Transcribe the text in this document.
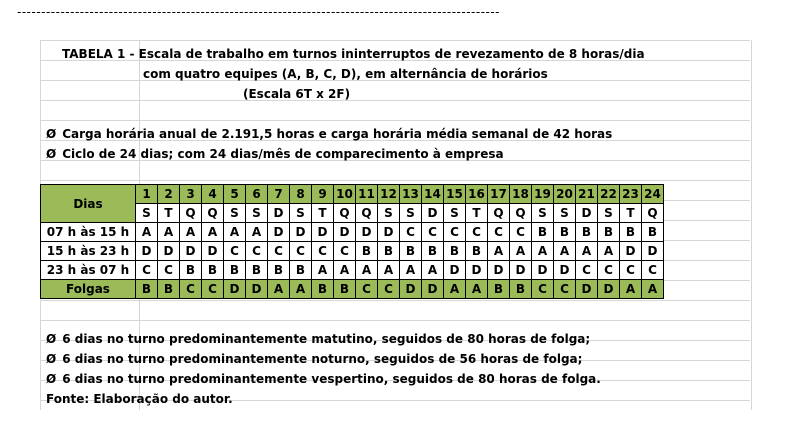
----------------------------------------------------------------------------------------------------
TABELA 1 - Escala de trabalho em turnos ininterruptos de revezamento de 8 horas/dia
com quatro equipes (A, B, C, D), em alternância de horários
(Escala 6T x 2F)
Ø Carga horária anual de 2.191,5 horas e carga horária média semanal de 42 horas
Ø Ciclo de 24 dias; com 24 dias/mês de comparecimento à empresa
Dias	1	2	3	4	5	6	7	8	9	10	11	12	13	14	15	16	17	18	19	20	21	22	23	24
	S	T	Q	Q	S	S	D	S	T	Q	Q	S	S	D	S	T	Q	Q	S	S	D	S	T	Q
07 h às 15 h	A	A	A	A	A	A	D	D	D	D	D	D	C	C	C	C	C	C	B	B	B	B	B	B
15 h às 23 h	D	D	D	D	C	C	C	C	C	C	B	B	B	B	B	B	A	A	A	A	A	A	D	D
23 h às 07 h	C	C	B	B	B	B	B	B	A	A	A	A	A	A	D	D	D	D	D	D	C	C	C	C
Folgas	B	B	C	C	D	D	A	A	B	B	C	C	D	D	A	A	B	B	C	C	D	D	A	A
Ø 6 dias no turno predominantemente matutino, seguidos de 80 horas de folga;
Ø 6 dias no turno predominantemente noturno, seguidos de 56 horas de folga;
Ø 6 dias no turno predominantemente vespertino, seguidos de 80 horas de folga.
Fonte: Elaboração do autor.
